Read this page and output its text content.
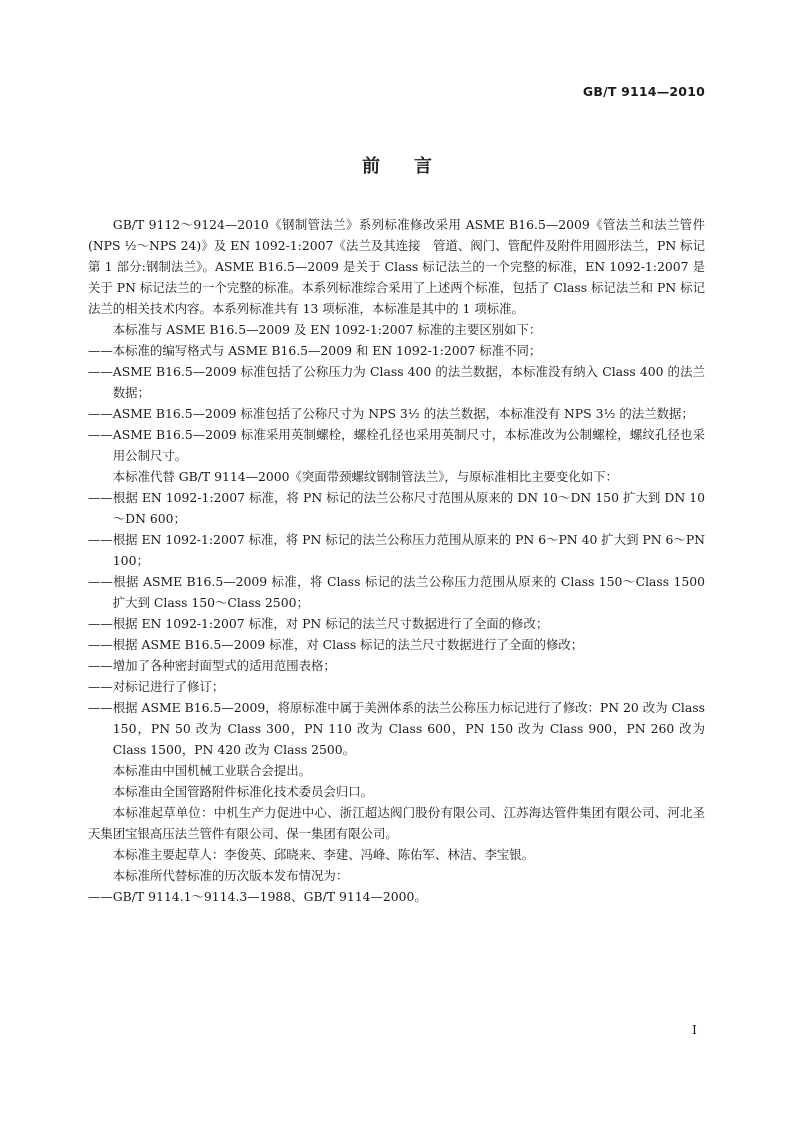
GB/T 9114—2010
前言

GB/T 9112～9124—2010《钢制管法兰》系列标准修改采用 ASME B16.5—2009《管法兰和法兰管件(NPS ½～NPS 24)》及 EN 1092-1:2007《法兰及其连接　管道、阀门、管配件及附件用圆形法兰，PN 标记　第 1 部分:钢制法兰》。ASME B16.5—2009 是关于 Class 标记法兰的一个完整的标准，EN 1092-1:2007 是关于 PN 标记法兰的一个完整的标准。本系列标准综合采用了上述两个标准，包括了 Class 标记法兰和 PN 标记法兰的相关技术内容。本系列标准共有 13 项标准，本标准是其中的 1 项标准。

本标准与 ASME B16.5—2009 及 EN 1092-1:2007 标准的主要区别如下：

——本标准的编写格式与 ASME B16.5—2009 和 EN 1092-1:2007 标准不同；

——ASME B16.5—2009 标准包括了公称压力为 Class 400 的法兰数据，本标准没有纳入 Class 400 的法兰数据；

——ASME B16.5—2009 标准包括了公称尺寸为 NPS 3½ 的法兰数据，本标准没有 NPS 3½ 的法兰数据；

——ASME B16.5—2009 标准采用英制螺栓，螺栓孔径也采用英制尺寸，本标准改为公制螺栓，螺纹孔径也采用公制尺寸。

本标准代替 GB/T 9114—2000《突面带颈螺纹钢制管法兰》，与原标准相比主要变化如下：

——根据 EN 1092-1:2007 标准，将 PN 标记的法兰公称尺寸范围从原来的 DN 10～DN 150 扩大到 DN 10～DN 600；

——根据 EN 1092-1:2007 标准，将 PN 标记的法兰公称压力范围从原来的 PN 6～PN 40 扩大到 PN 6～PN 100；

——根据 ASME B16.5—2009 标准，将 Class 标记的法兰公称压力范围从原来的 Class 150～Class 1500 扩大到 Class 150～Class 2500；

——根据 EN 1092-1:2007 标准，对 PN 标记的法兰尺寸数据进行了全面的修改；

——根据 ASME B16.5—2009 标准，对 Class 标记的法兰尺寸数据进行了全面的修改；

——增加了各种密封面型式的适用范围表格；

——对标记进行了修订；

——根据 ASME B16.5—2009，将原标准中属于美洲体系的法兰公称压力标记进行了修改：PN 20 改为 Class 150，PN 50 改为 Class 300，PN 110 改为 Class 600，PN 150 改为 Class 900，PN 260 改为 Class 1500，PN 420 改为 Class 2500。

本标准由中国机械工业联合会提出。

本标准由全国管路附件标准化技术委员会归口。

本标准起草单位：中机生产力促进中心、浙江超达阀门股份有限公司、江苏海达管件集团有限公司、河北圣天集团宝银高压法兰管件有限公司、保一集团有限公司。

本标准主要起草人：李俊英、邱晓来、李建、冯峰、陈佑军、林洁、李宝银。

本标准所代替标准的历次版本发布情况为：

——GB/T 9114.1～9114.3—1988、GB/T 9114—2000。

I
